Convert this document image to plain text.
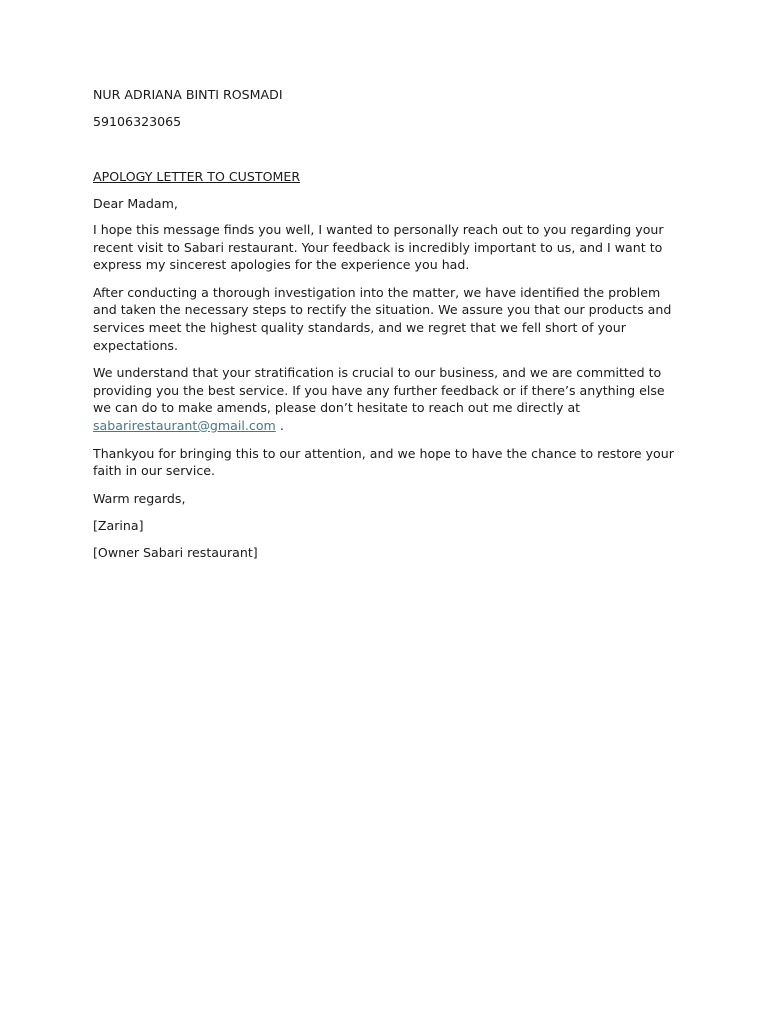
NUR ADRIANA BINTI ROSMADI

59106323065

APOLOGY LETTER TO CUSTOMER

Dear Madam,

I hope this message finds you well, I wanted to personally reach out to you regarding your recent visit to Sabari restaurant. Your feedback is incredibly important to us, and I want to express my sincerest apologies for the experience you had.

After conducting a thorough investigation into the matter, we have identified the problem and taken the necessary steps to rectify the situation. We assure you that our products and services meet the highest quality standards, and we regret that we fell short of your expectations.

We understand that your stratification is crucial to our business, and we are committed to providing you the best service. If you have any further feedback or if there’s anything else we can do to make amends, please don’t hesitate to reach out me directly at
sabarirestaurant@gmail.com .

Thankyou for bringing this to our attention, and we hope to have the chance to restore your faith in our service.

Warm regards,

[Zarina]

[Owner Sabari restaurant]
